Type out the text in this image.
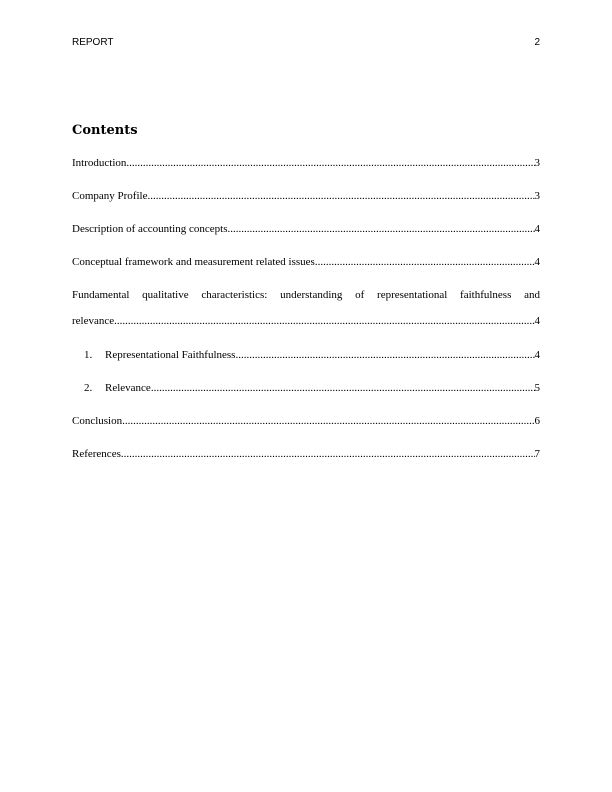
REPORT	2
Contents
Introduction .....	3
Company Profile .....	3
Description of accounting concepts .....	4
Conceptual framework and measurement related issues .....	4
Fundamental qualitative characteristics: understanding of representational faithfulness and
relevance .....	4
1.	Representational Faithfulness .....	4
2.	Relevance .....	5
Conclusion .....	6
References .....	7
